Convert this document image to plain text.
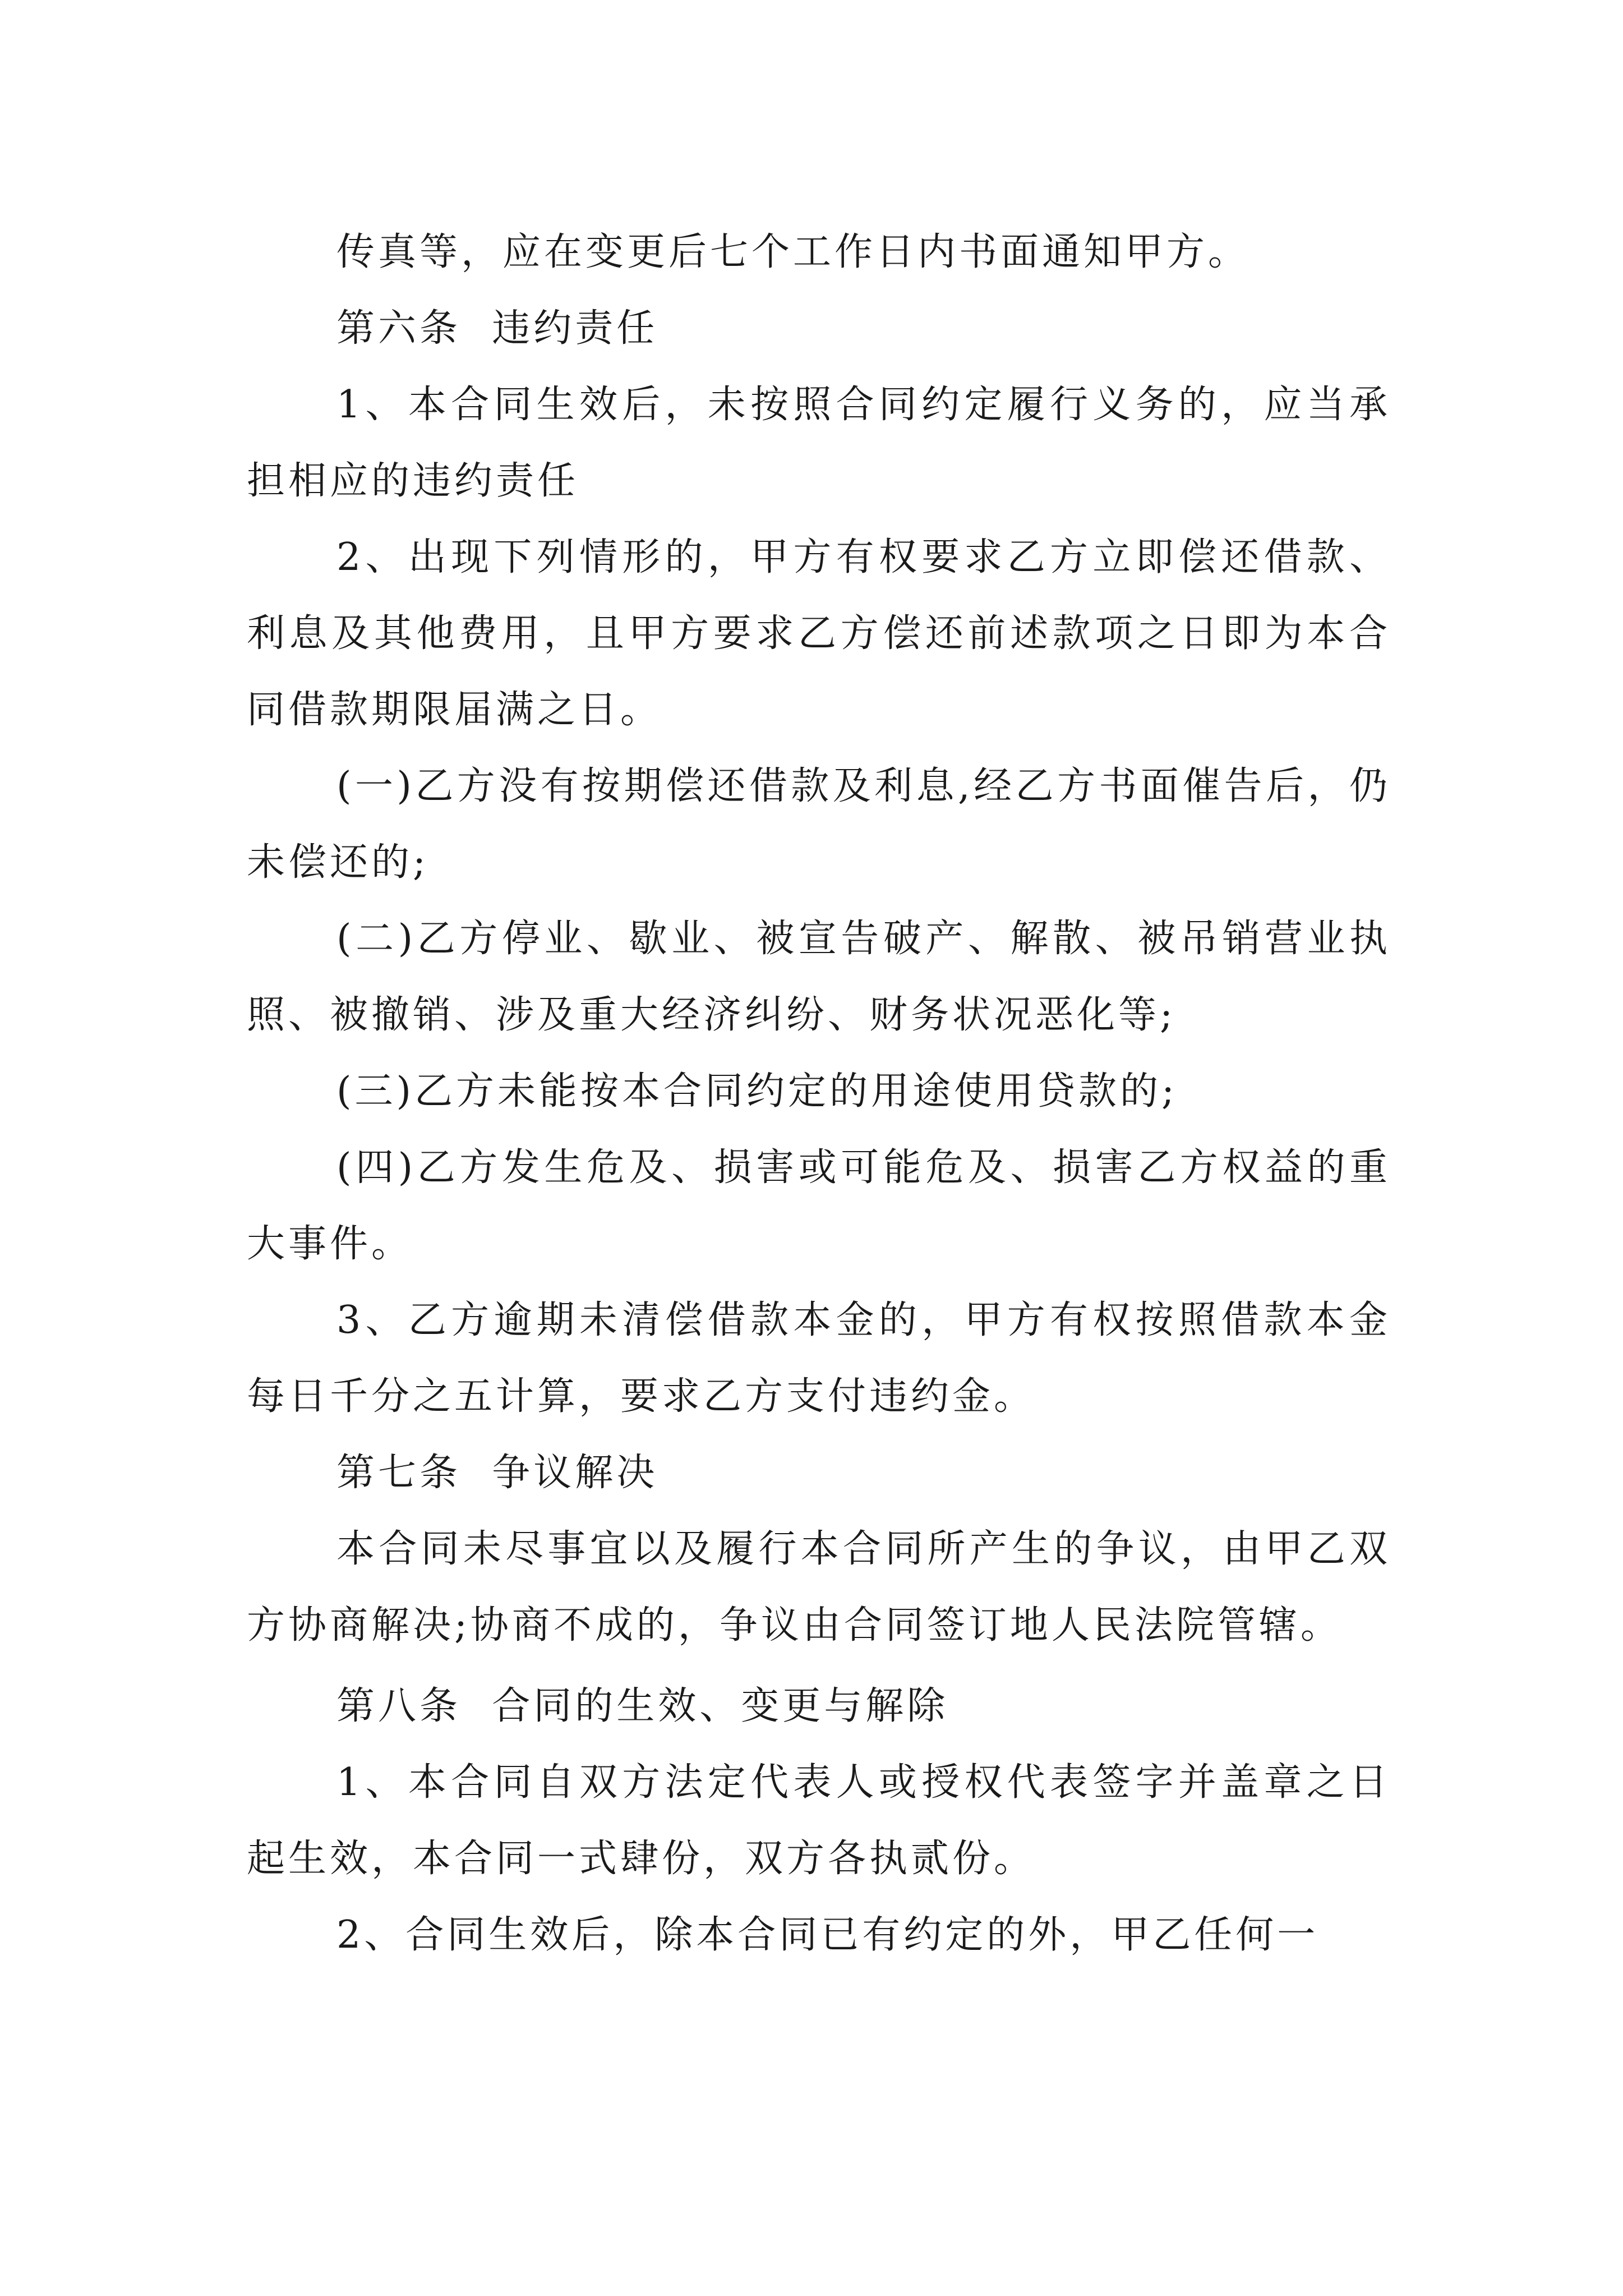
传真等，应在变更后七个工作日内书面通知甲方。

第六条  违约责任

1、本合同生效后，未按照合同约定履行义务的，应当承担相应的违约责任

2、出现下列情形的，甲方有权要求乙方立即偿还借款、利息及其他费用，且甲方要求乙方偿还前述款项之日即为本合同借款期限届满之日。

(一)乙方没有按期偿还借款及利息,经乙方书面催告后，仍未偿还的;

(二)乙方停业、歇业、被宣告破产、解散、被吊销营业执照、被撤销、涉及重大经济纠纷、财务状况恶化等;

(三)乙方未能按本合同约定的用途使用贷款的;

(四)乙方发生危及、损害或可能危及、损害乙方权益的重大事件。

3、乙方逾期未清偿借款本金的，甲方有权按照借款本金每日千分之五计算，要求乙方支付违约金。

第七条  争议解决

本合同未尽事宜以及履行本合同所产生的争议，由甲乙双方协商解决;协商不成的，争议由合同签订地人民法院管辖。

第八条  合同的生效、变更与解除

1、本合同自双方法定代表人或授权代表签字并盖章之日起生效，本合同一式肆份，双方各执贰份。

2、合同生效后，除本合同已有约定的外，甲乙任何一
